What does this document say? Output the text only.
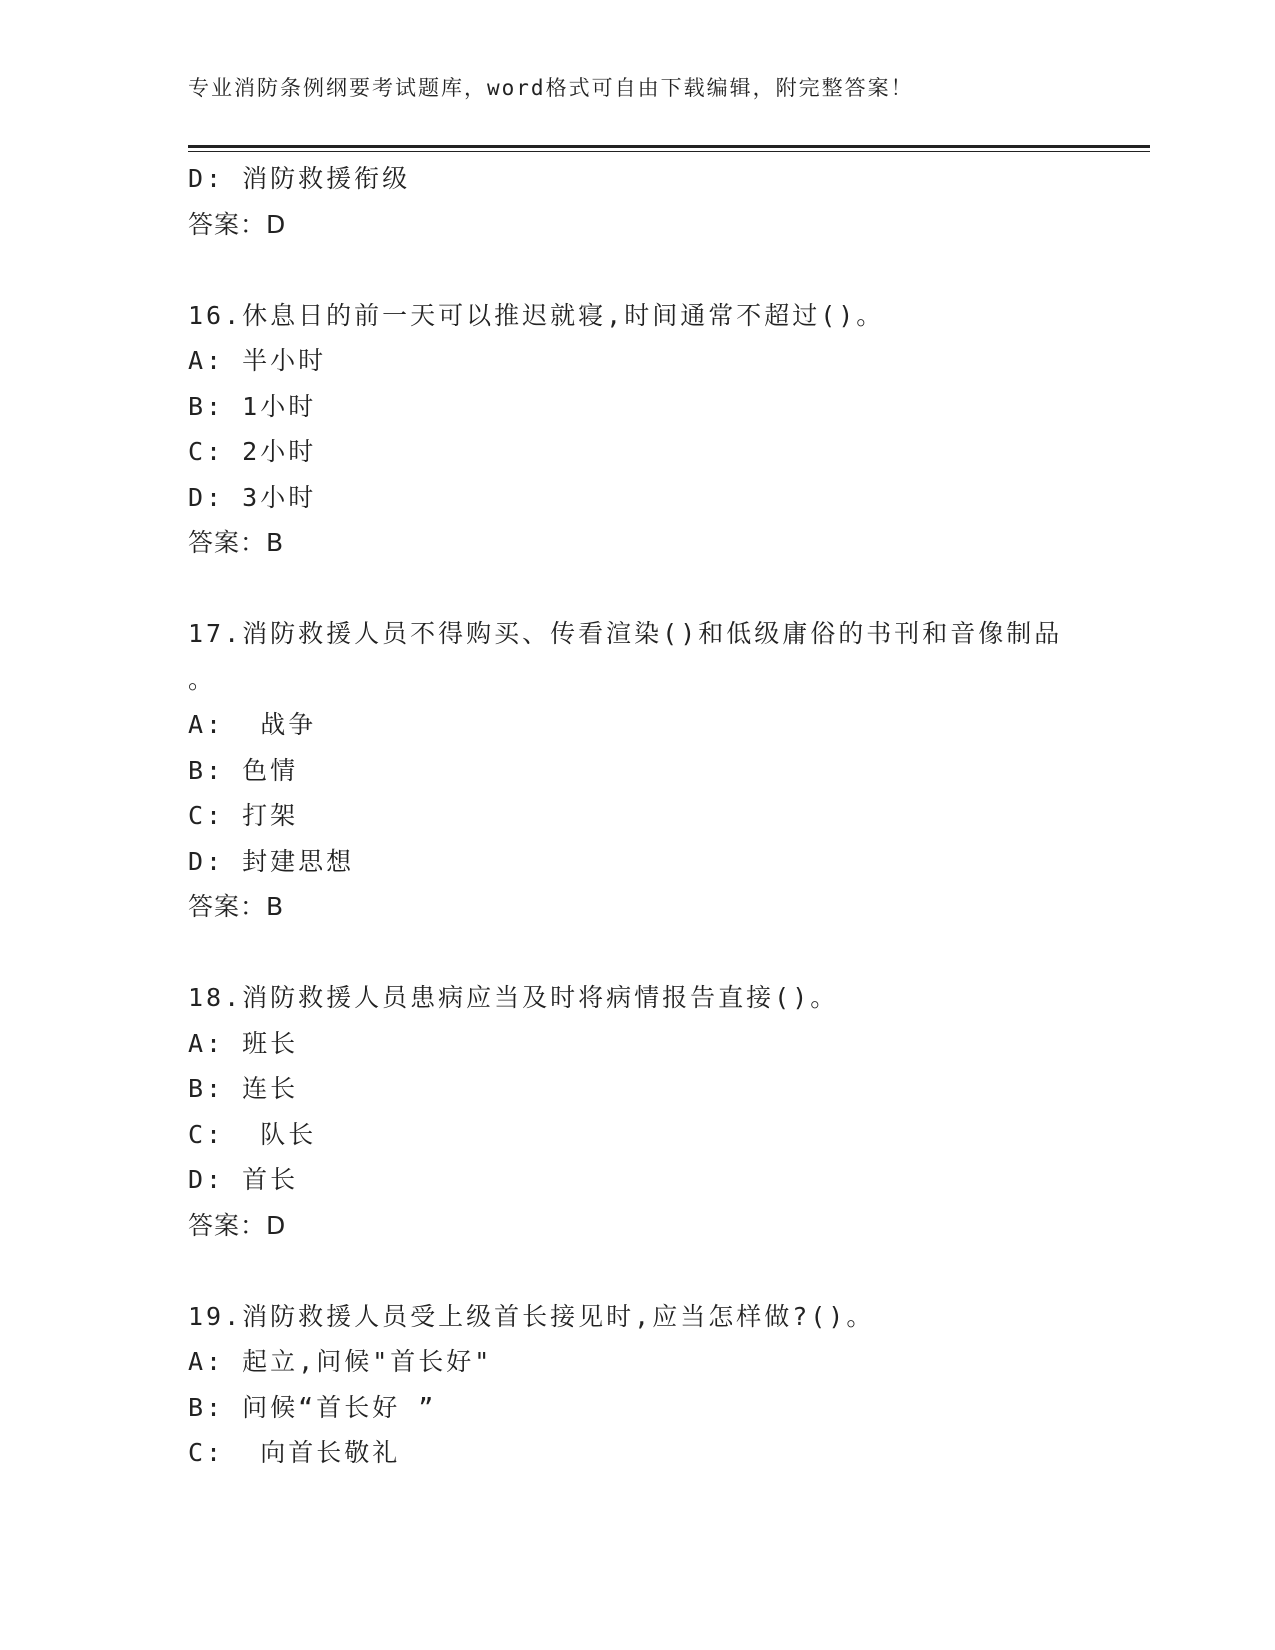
专业消防条例纲要考试题库，word格式可自由下载编辑，附完整答案！
D: 消防救援衔级
答案：D
16.休息日的前一天可以推迟就寝,时间通常不超过()。
A: 半小时
B: 1小时
C: 2小时
D: 3小时
答案：B
17.消防救援人员不得购买、传看渲染()和低级庸俗的书刊和音像制品
。
A:  战争
B: 色情
C: 打架
D: 封建思想
答案：B
18.消防救援人员患病应当及时将病情报告直接()。
A: 班长
B: 连长
C:  队长
D: 首长
答案：D
19.消防救援人员受上级首长接见时,应当怎样做?()。
A: 起立,问候"首长好"
B: 问候“首长好 ”
C:  向首长敬礼
